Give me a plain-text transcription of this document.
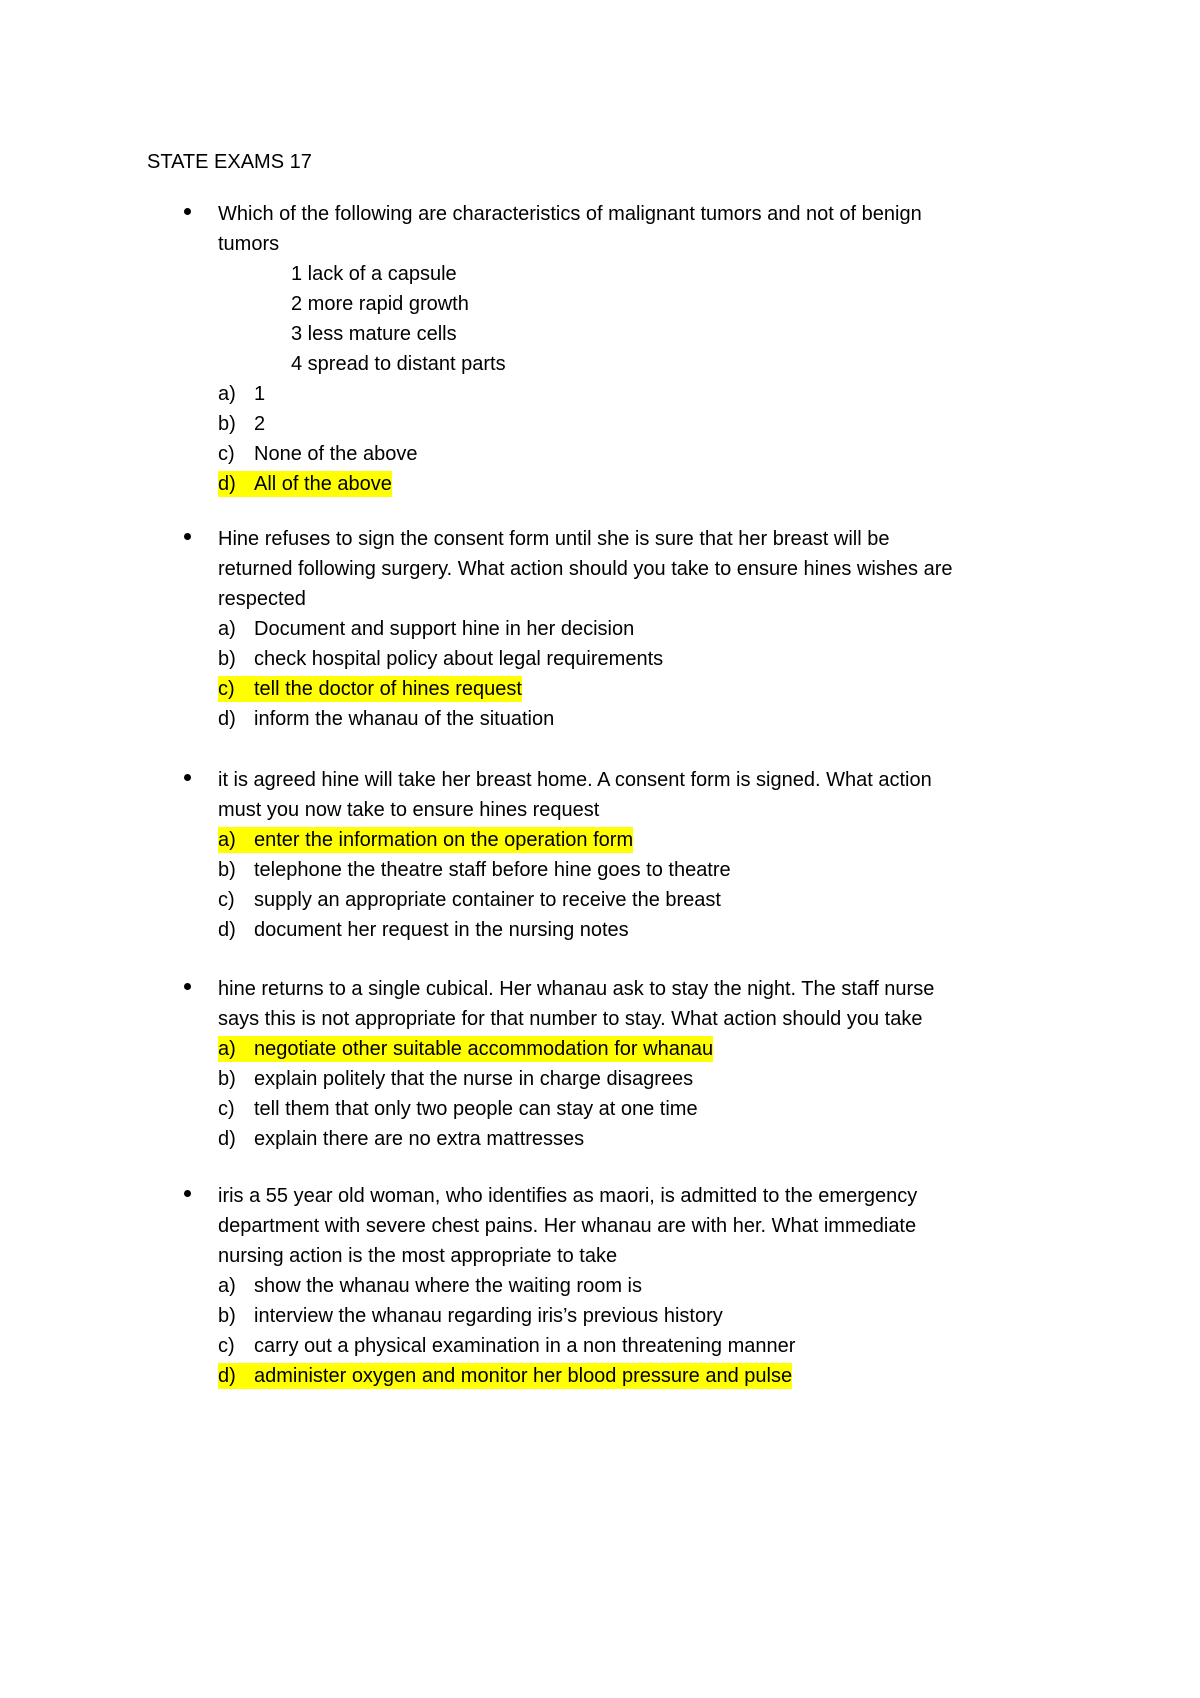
STATE EXAMS 17
Which of the following are characteristics of malignant tumors and not of benign
tumors
1 lack of a capsule
2 more rapid growth
3 less mature cells
4 spread to distant parts
a) 1
b) 2
c) None of the above
d) All of the above
Hine refuses to sign the consent form until she is sure that her breast will be
returned following surgery. What action should you take to ensure hines wishes are
respected
a) Document and support hine in her decision
b) check hospital policy about legal requirements
c) tell the doctor of hines request
d) inform the whanau of the situation
it is agreed hine will take her breast home. A consent form is signed. What action
must you now take to ensure hines request
a) enter the information on the operation form
b) telephone the theatre staff before hine goes to theatre
c) supply an appropriate container to receive the breast
d) document her request in the nursing notes
hine returns to a single cubical. Her whanau ask to stay the night. The staff nurse
says this is not appropriate for that number to stay. What action should you take
a) negotiate other suitable accommodation for whanau
b) explain politely that the nurse in charge disagrees
c) tell them that only two people can stay at one time
d) explain there are no extra mattresses
iris a 55 year old woman, who identifies as maori, is admitted to the emergency
department with severe chest pains. Her whanau are with her. What immediate
nursing action is the most appropriate to take
a) show the whanau where the waiting room is
b) interview the whanau regarding iris’s previous history
c) carry out a physical examination in a non threatening manner
d) administer oxygen and monitor her blood pressure and pulse
